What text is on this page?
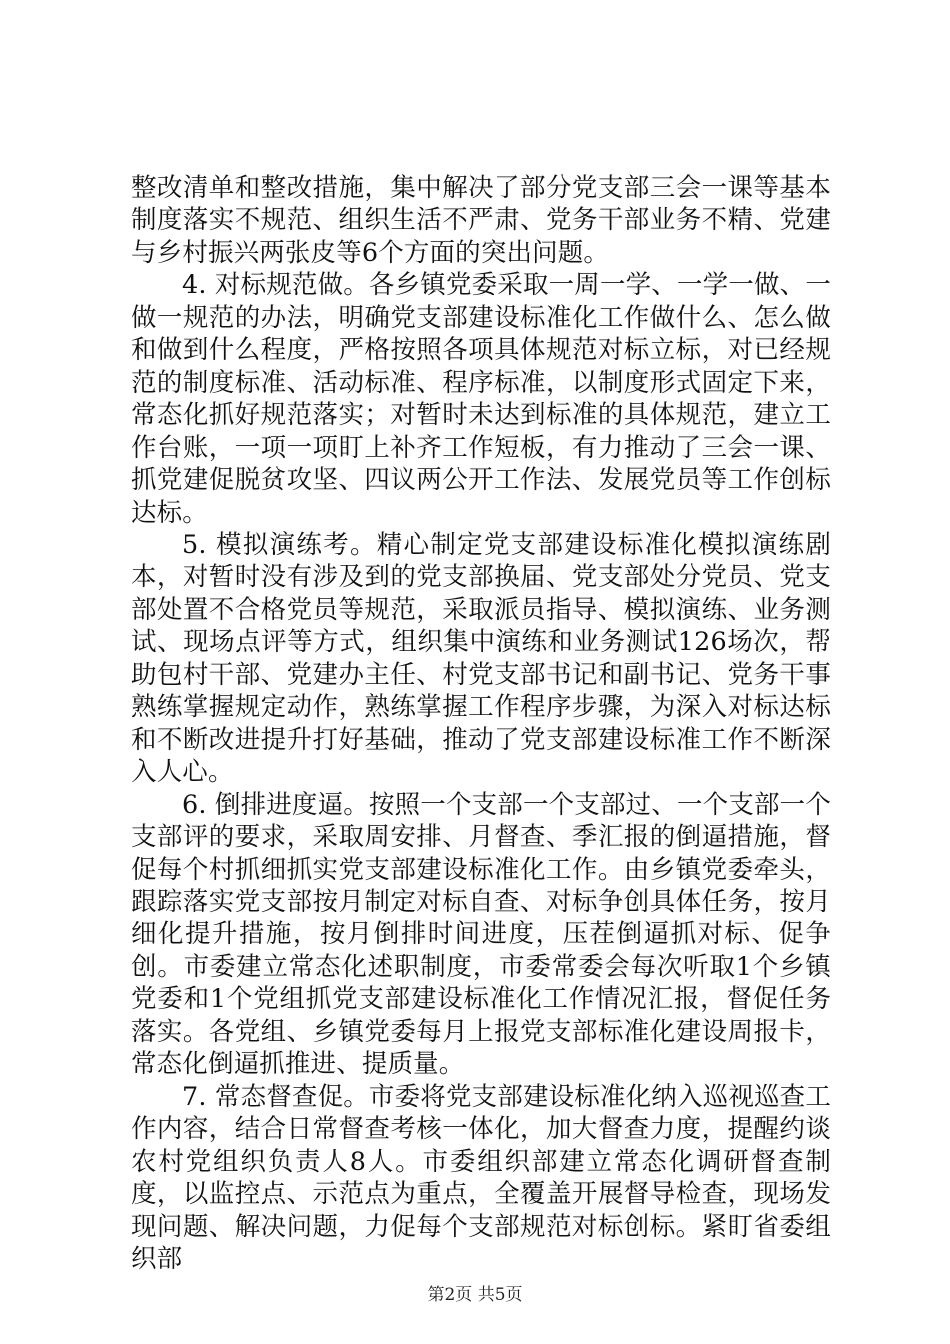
整改清单和整改措施，集中解决了部分党支部三会一课等基本制度落实不规范、组织生活不严肃、党务干部业务不精、党建与乡村振兴两张皮等6个方面的突出问题。

4. 对标规范做。各乡镇党委采取一周一学、一学一做、一做一规范的办法，明确党支部建设标准化工作做什么、怎么做和做到什么程度，严格按照各项具体规范对标立标，对已经规范的制度标准、活动标准、程序标准，以制度形式固定下来，常态化抓好规范落实；对暂时未达到标准的具体规范，建立工作台账，一项一项盯上补齐工作短板，有力推动了三会一课、抓党建促脱贫攻坚、四议两公开工作法、发展党员等工作创标达标。

5. 模拟演练考。精心制定党支部建设标准化模拟演练剧本，对暂时没有涉及到的党支部换届、党支部处分党员、党支部处置不合格党员等规范，采取派员指导、模拟演练、业务测试、现场点评等方式，组织集中演练和业务测试126场次，帮助包村干部、党建办主任、村党支部书记和副书记、党务干事熟练掌握规定动作，熟练掌握工作程序步骤，为深入对标达标和不断改进提升打好基础，推动了党支部建设标准工作不断深入人心。

6. 倒排进度逼。按照一个支部一个支部过、一个支部一个支部评的要求，采取周安排、月督查、季汇报的倒逼措施，督促每个村抓细抓实党支部建设标准化工作。由乡镇党委牵头，跟踪落实党支部按月制定对标自查、对标争创具体任务，按月细化提升措施，按月倒排时间进度，压茬倒逼抓对标、促争创。市委建立常态化述职制度，市委常委会每次听取1个乡镇党委和1个党组抓党支部建设标准化工作情况汇报，督促任务落实。各党组、乡镇党委每月上报党支部标准化建设周报卡，常态化倒逼抓推进、提质量。

7. 常态督查促。市委将党支部建设标准化纳入巡视巡查工作内容，结合日常督查考核一体化，加大督查力度，提醒约谈农村党组织负责人8人。市委组织部建立常态化调研督查制度，以监控点、示范点为重点，全覆盖开展督导检查，现场发现问题、解决问题，力促每个支部规范对标创标。紧盯省委组织部

第2页 共5页
